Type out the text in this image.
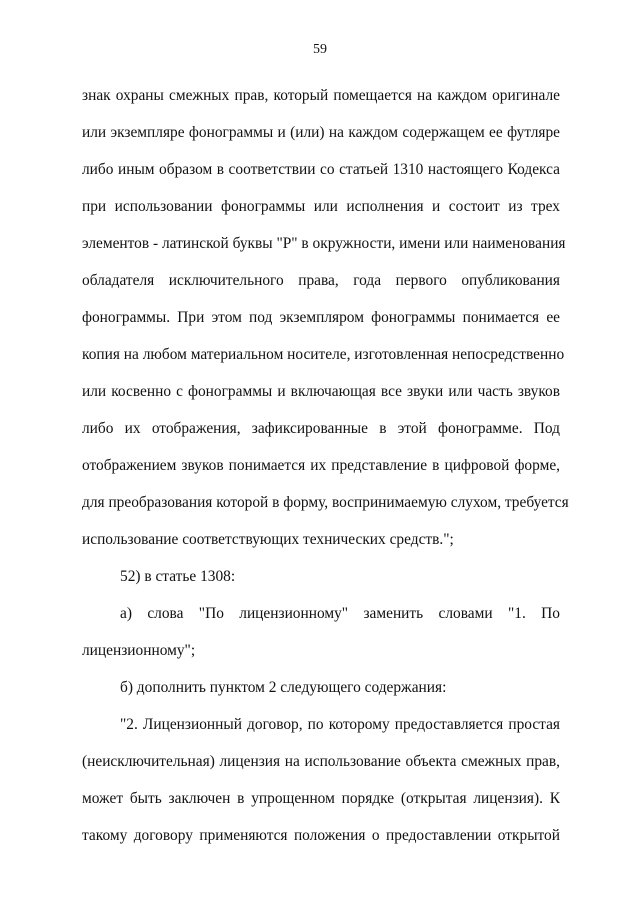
59
знак охраны смежных прав, который помещается на каждом оригинале
или экземпляре фонограммы и (или) на каждом содержащем ее футляре
либо иным образом в соответствии со статьей 1310 настоящего Кодекса
при использовании фонограммы или исполнения и состоит из трех
элементов - латинской буквы "P" в окружности, имени или наименования
обладателя исключительного права, года первого опубликования
фонограммы. При этом под экземпляром фонограммы понимается ее
копия на любом материальном носителе, изготовленная непосредственно
или косвенно с фонограммы и включающая все звуки или часть звуков
либо их отображения, зафиксированные в этой фонограмме. Под
отображением звуков понимается их представление в цифровой форме,
для преобразования которой в форму, воспринимаемую слухом, требуется
использование соответствующих технических средств.";
52) в статье 1308:
а) слова "По лицензионному" заменить словами "1. По
лицензионному";
б) дополнить пунктом 2 следующего содержания:
"2. Лицензионный договор, по которому предоставляется простая
(неисключительная) лицензия на использование объекта смежных прав,
может быть заключен в упрощенном порядке (открытая лицензия). К
такому договору применяются положения о предоставлении открытой
